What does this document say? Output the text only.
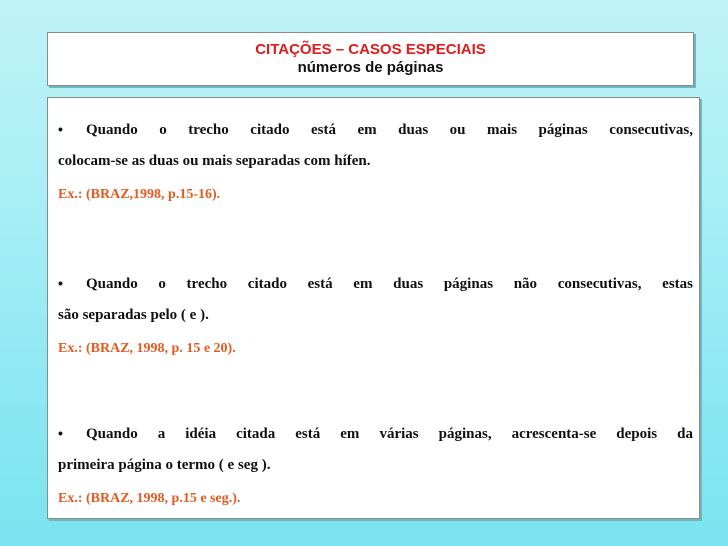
CITAÇÕES – CASOS ESPECIAIS
números de páginas

• Quando o trecho citado está em duas ou mais páginas consecutivas,

colocam-se as duas ou mais separadas com hífen.

Ex.: (BRAZ,1998, p.15-16).

• Quando o trecho citado está em duas páginas não consecutivas, estas

são separadas pelo ( e ).

Ex.: (BRAZ, 1998, p. 15 e 20).

• Quando a idéia citada está em várias páginas, acrescenta-se depois da

primeira página o termo ( e seg ).

Ex.: (BRAZ, 1998, p.15 e seg.).
